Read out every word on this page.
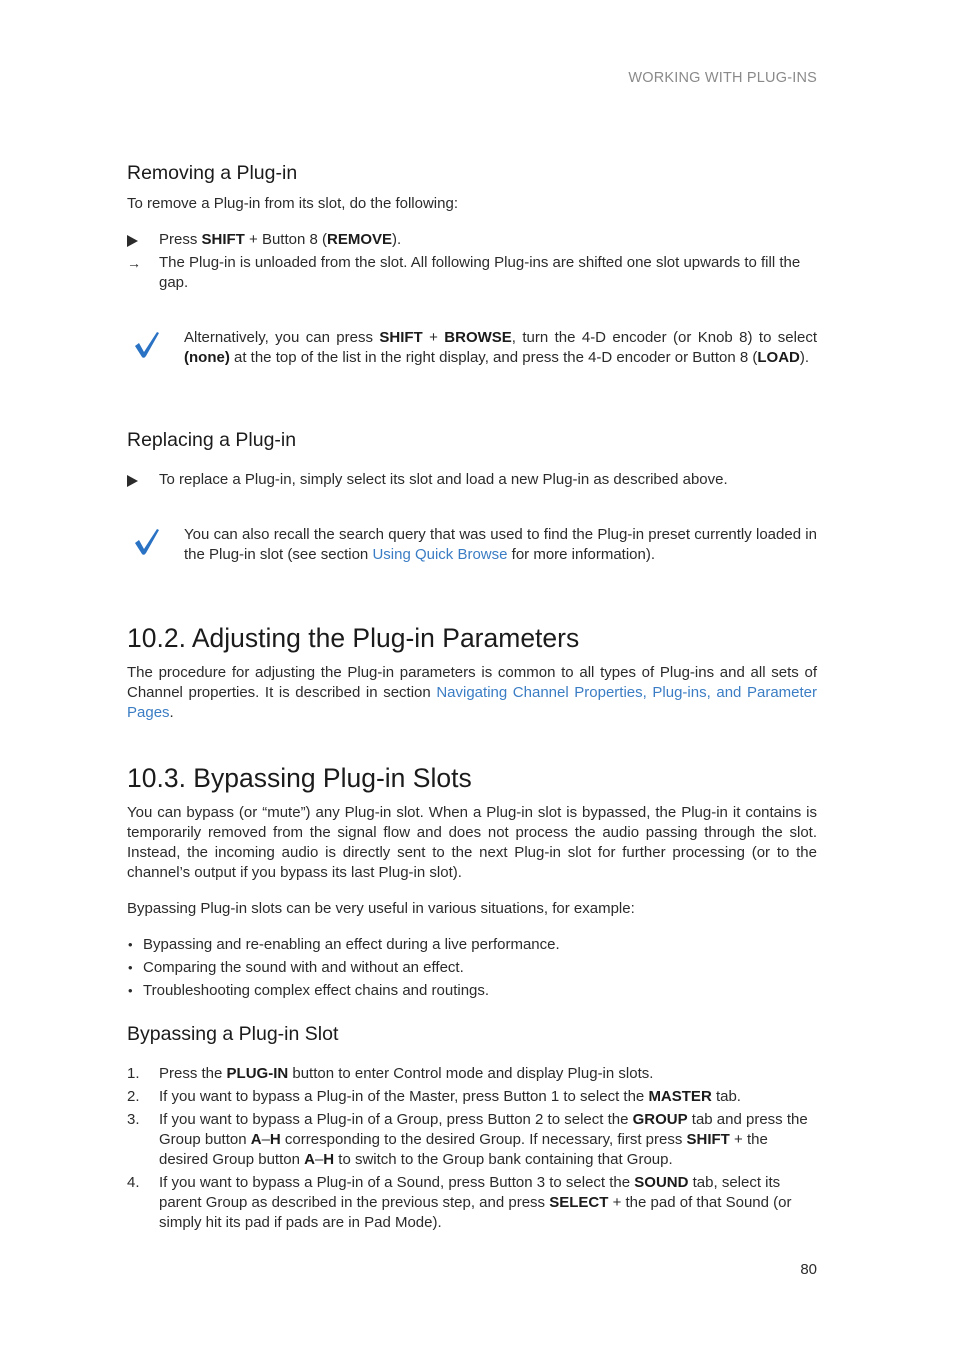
WORKING WITH PLUG-INS
Removing a Plug-in
To remove a Plug-in from its slot, do the following:
Press SHIFT + Button 8 (REMOVE).
→ The Plug-in is unloaded from the slot. All following Plug-ins are shifted one slot upwards to fill the gap.
Alternatively, you can press SHIFT + BROWSE, turn the 4-D encoder (or Knob 8) to select (none) at the top of the list in the right display, and press the 4-D encoder or Button 8 (LOAD).
Replacing a Plug-in
To replace a Plug-in, simply select its slot and load a new Plug-in as described above.
You can also recall the search query that was used to find the Plug-in preset currently loaded in the Plug-in slot (see section Using Quick Browse for more information).
10.2. Adjusting the Plug-in Parameters
The procedure for adjusting the Plug-in parameters is common to all types of Plug-ins and all sets of Channel properties. It is described in section Navigating Channel Properties, Plug-ins, and Parameter Pages.
10.3. Bypassing Plug-in Slots
You can bypass (or “mute”) any Plug-in slot. When a Plug-in slot is bypassed, the Plug-in it contains is temporarily removed from the signal flow and does not process the audio passing through the slot. Instead, the incoming audio is directly sent to the next Plug-in slot for further processing (or to the channel’s output if you bypass its last Plug-in slot).
Bypassing Plug-in slots can be very useful in various situations, for example:
• Bypassing and re-enabling an effect during a live performance.
• Comparing the sound with and without an effect.
• Troubleshooting complex effect chains and routings.
Bypassing a Plug-in Slot
1. Press the PLUG-IN button to enter Control mode and display Plug-in slots.
2. If you want to bypass a Plug-in of the Master, press Button 1 to select the MASTER tab.
3. If you want to bypass a Plug-in of a Group, press Button 2 to select the GROUP tab and press the Group button A–H corresponding to the desired Group. If necessary, first press SHIFT + the desired Group button A–H to switch to the Group bank containing that Group.
4. If you want to bypass a Plug-in of a Sound, press Button 3 to select the SOUND tab, select its parent Group as described in the previous step, and press SELECT + the pad of that Sound (or simply hit its pad if pads are in Pad Mode).
80
